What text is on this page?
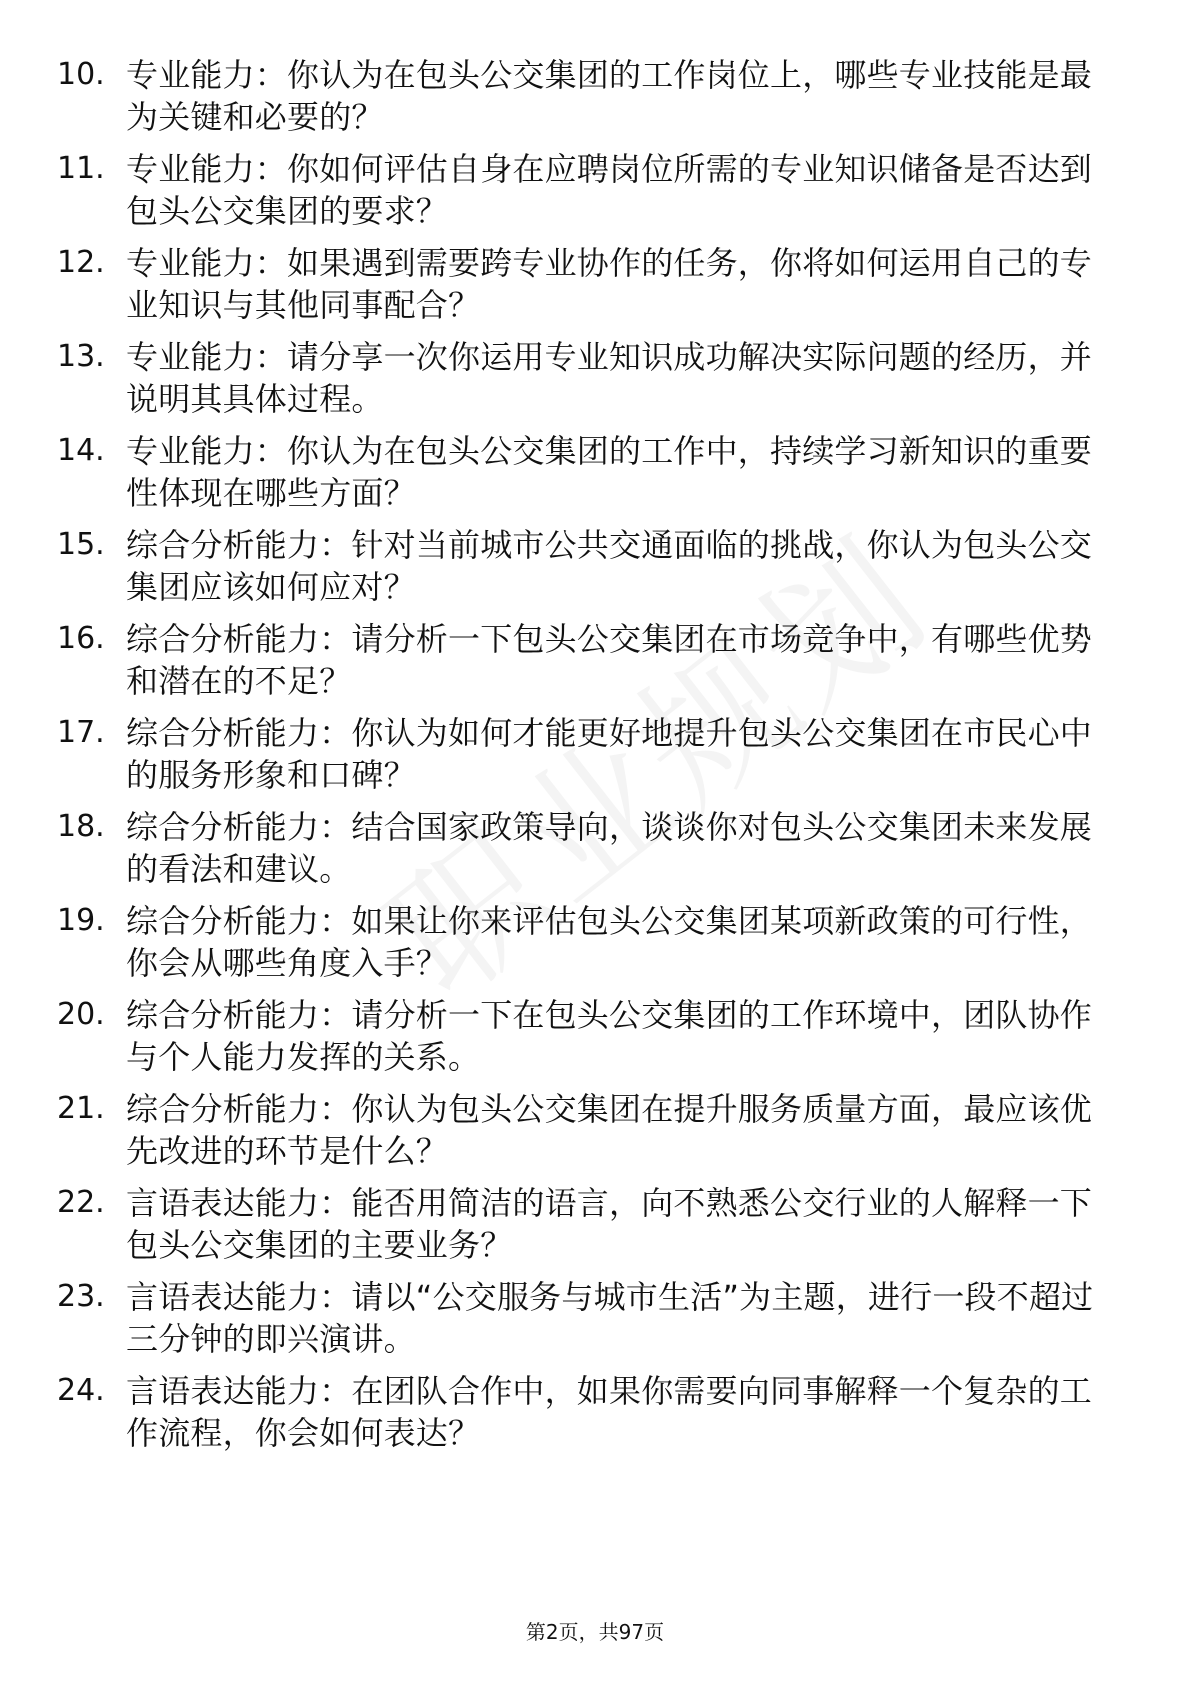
10. 专业能力：你认为在包头公交集团的工作岗位上，哪些专业技能是最为关键和必要的？
11. 专业能力：你如何评估自身在应聘岗位所需的专业知识储备是否达到包头公交集团的要求？
12. 专业能力：如果遇到需要跨专业协作的任务，你将如何运用自己的专业知识与其他同事配合？
13. 专业能力：请分享一次你运用专业知识成功解决实际问题的经历，并说明其具体过程。
14. 专业能力：你认为在包头公交集团的工作中，持续学习新知识的重要性体现在哪些方面？
15. 综合分析能力：针对当前城市公共交通面临的挑战，你认为包头公交集团应该如何应对？
16. 综合分析能力：请分析一下包头公交集团在市场竞争中，有哪些优势和潜在的不足？
17. 综合分析能力：你认为如何才能更好地提升包头公交集团在市民心中的服务形象和口碑？
18. 综合分析能力：结合国家政策导向，谈谈你对包头公交集团未来发展的看法和建议。
19. 综合分析能力：如果让你来评估包头公交集团某项新政策的可行性，你会从哪些角度入手？
20. 综合分析能力：请分析一下在包头公交集团的工作环境中，团队协作与个人能力发挥的关系。
21. 综合分析能力：你认为包头公交集团在提升服务质量方面，最应该优先改进的环节是什么？
22. 言语表达能力：能否用简洁的语言，向不熟悉公交行业的人解释一下包头公交集团的主要业务？
23. 言语表达能力：请以“公交服务与城市生活”为主题，进行一段不超过三分钟的即兴演讲。
24. 言语表达能力：在团队合作中，如果你需要向同事解释一个复杂的工作流程，你会如何表达？
第2页，共97页
